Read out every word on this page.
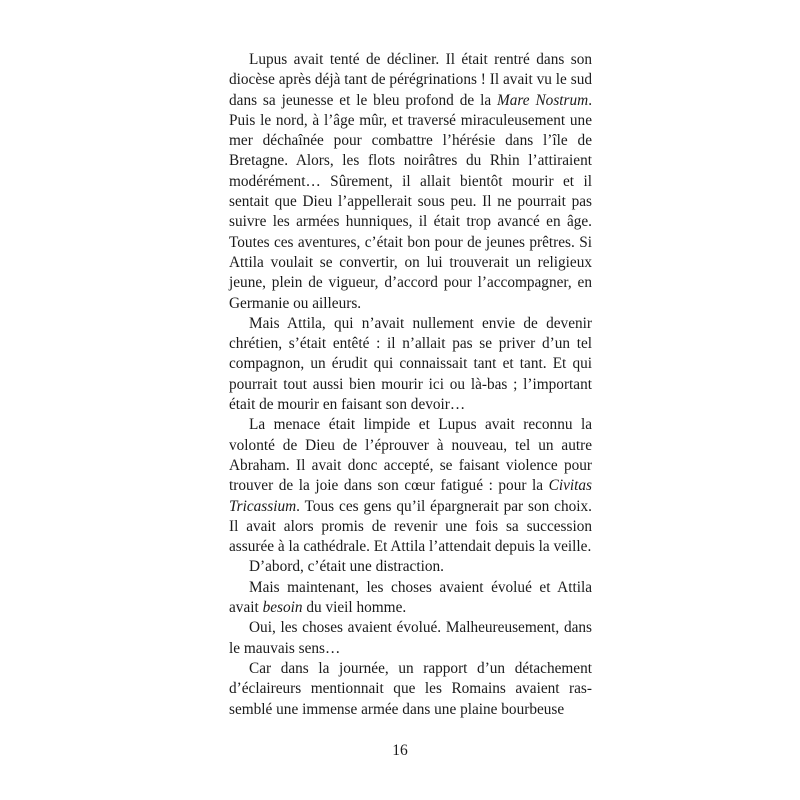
Lupus avait tenté de décliner. Il était rentré dans son diocèse après déjà tant de pérégrinations ! Il avait vu le sud dans sa jeunesse et le bleu profond de la Mare Nostrum. Puis le nord, à l’âge mûr, et traversé miraculeusement une mer déchaînée pour combattre l’hérésie dans l’île de Bretagne. Alors, les flots noirâtres du Rhin l’attiraient modérément… Sûrement, il allait bientôt mourir et il sentait que Dieu l’appellerait sous peu. Il ne pourrait pas suivre les armées hunniques, il était trop avancé en âge. Toutes ces aventures, c’était bon pour de jeunes prêtres. Si Attila voulait se convertir, on lui trouverait un religieux jeune, plein de vigueur, d’accord pour l’accompagner, en Germanie ou ailleurs.

Mais Attila, qui n’avait nullement envie de devenir chrétien, s’était entêté : il n’allait pas se priver d’un tel compagnon, un érudit qui connaissait tant et tant. Et qui pourrait tout aussi bien mourir ici ou là-bas ; l’important était de mourir en faisant son devoir…

La menace était limpide et Lupus avait reconnu la volonté de Dieu de l’éprouver à nouveau, tel un autre Abraham. Il avait donc accepté, se faisant violence pour trouver de la joie dans son cœur fatigué : pour la Civitas Tricassium. Tous ces gens qu’il épargnerait par son choix. Il avait alors promis de revenir une fois sa succession assurée à la cathédrale. Et Attila l’attendait depuis la veille.

D’abord, c’était une distraction.

Mais maintenant, les choses avaient évolué et Attila avait besoin du vieil homme.

Oui, les choses avaient évolué. Malheureusement, dans le mauvais sens…

Car dans la journée, un rapport d’un détachement d’éclaireurs mentionnait que les Romains avaient rassemblé une immense armée dans une plaine bourbeuse

16
